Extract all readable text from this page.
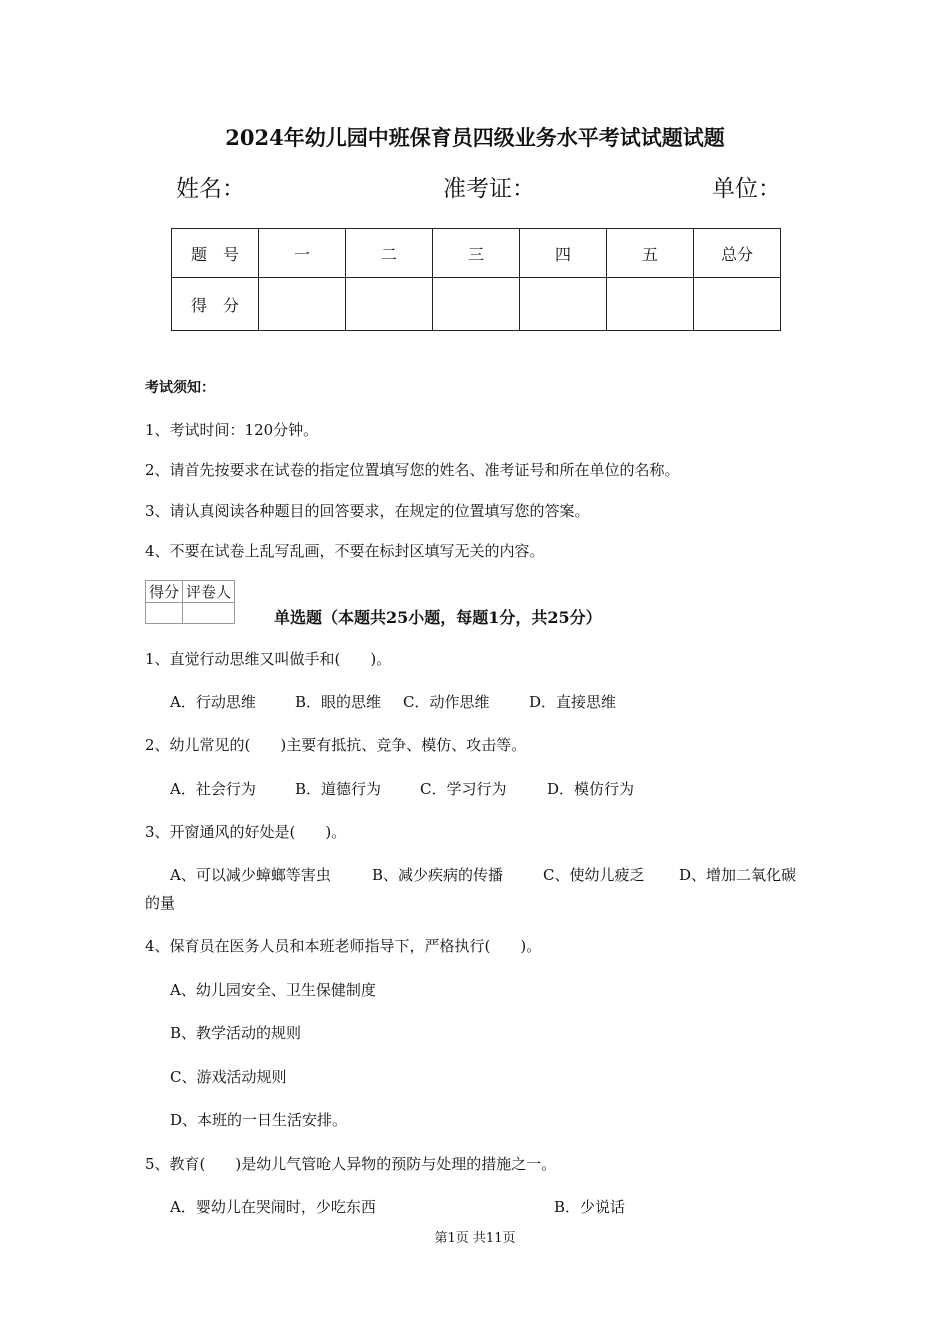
2024年幼儿园中班保育员四级业务水平考试试题试题
姓名：	准考证：	单位：
题　号	一	二	三	四	五	总分
得　分						
考试须知：
1、考试时间：120分钟。
2、请首先按要求在试卷的指定位置填写您的姓名、准考证号和所在单位的名称。
3、请认真阅读各种题目的回答要求，在规定的位置填写您的答案。
4、不要在试卷上乱写乱画，不要在标封区填写无关的内容。
得分	评卷人

单选题（本题共25小题，每题1分，共25分）
1、直觉行动思维又叫做手和(　　)。
A．行动思维	B．眼的思维 C．动作思维	D．直接思维
2、幼儿常见的(　　)主要有抵抗、竞争、模仿、攻击等。
A．社会行为	B．道德行为	C．学习行为	D．模仿行为
3、开窗通风的好处是(　　)。
A、可以减少蟑螂等害虫	B、减少疾病的传播	C、使幼儿疲乏 D、增加二氧化碳
的量
4、保育员在医务人员和本班老师指导下，严格执行(　　)。
A、幼儿园安全、卫生保健制度
B、教学活动的规则
C、游戏活动规则
D、本班的一日生活安排。
5、教育(　　)是幼儿气管呛人异物的预防与处理的措施之一。
A．婴幼儿在哭闹时，少吃东西	B．少说话
第1页 共11页
